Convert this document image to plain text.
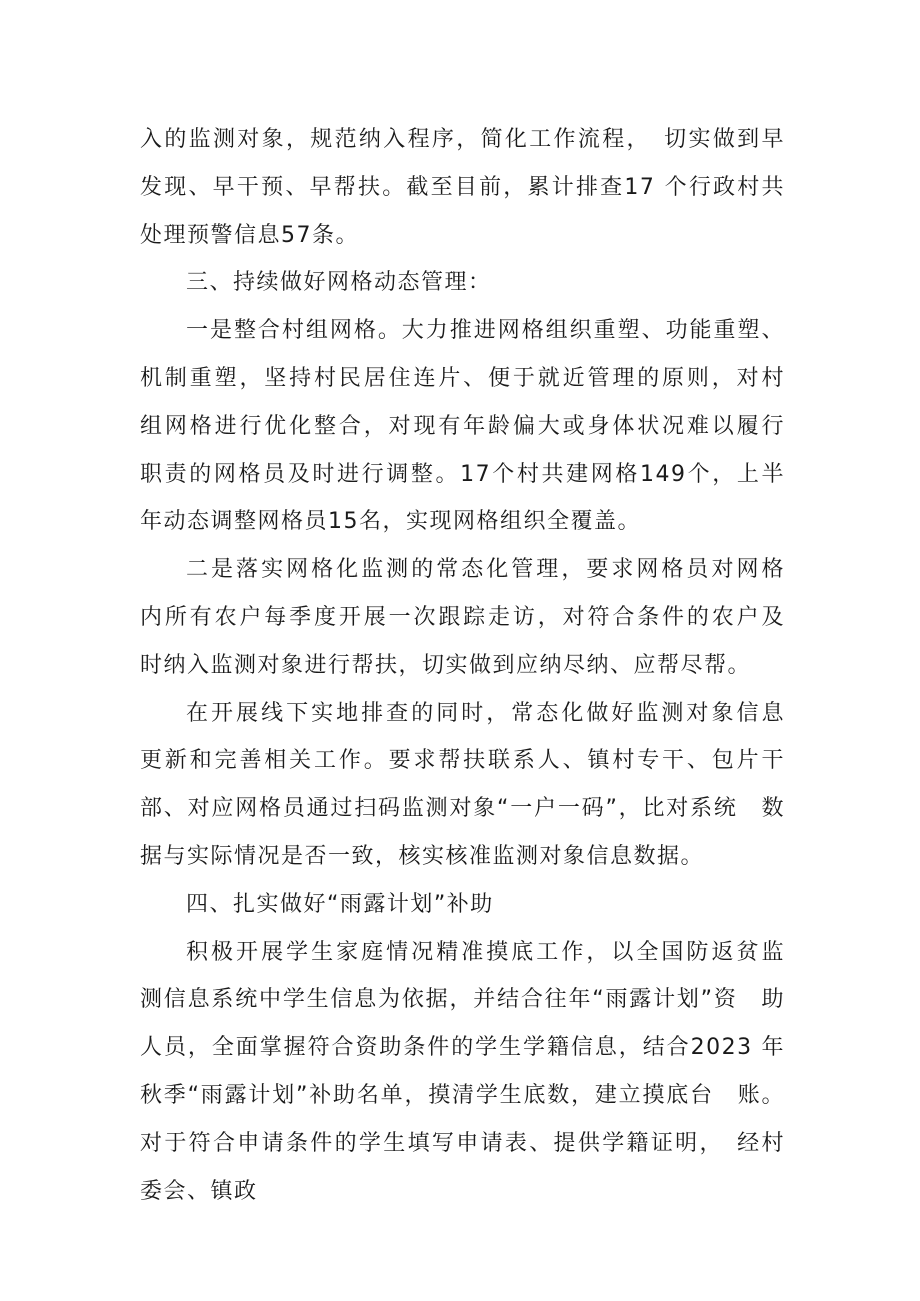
入的监测对象，规范纳入程序，简化工作流程，　切实做到早发现、早干预、早帮扶。截至目前，累计排查17 个行政村共处理预警信息57条。

三、持续做好网格动态管理：

一是整合村组网格。大力推进网格组织重塑、功能重塑、机制重塑，坚持村民居住连片、便于就近管理的原则，对村　组网格进行优化整合，对现有年龄偏大或身体状况难以履行　职责的网格员及时进行调整。17个村共建网格149个，上半　年动态调整网格员15名，实现网格组织全覆盖。

二是落实网格化监测的常态化管理，要求网格员对网格　内所有农户每季度开展一次跟踪走访，对符合条件的农户及　时纳入监测对象进行帮扶，切实做到应纳尽纳、应帮尽帮。

在开展线下实地排查的同时，常态化做好监测对象信息　更新和完善相关工作。要求帮扶联系人、镇村专干、包片干　部、对应网格员通过扫码监测对象“一户一码”，比对系统　数据与实际情况是否一致，核实核准监测对象信息数据。

四、扎实做好“雨露计划”补助

积极开展学生家庭情况精准摸底工作，以全国防返贫监　测信息系统中学生信息为依据，并结合往年“雨露计划”资　助人员，全面掌握符合资助条件的学生学籍信息，结合2023 年秋季“雨露计划”补助名单，摸清学生底数，建立摸底台　账。对于符合申请条件的学生填写申请表、提供学籍证明，　经村委会、镇政
